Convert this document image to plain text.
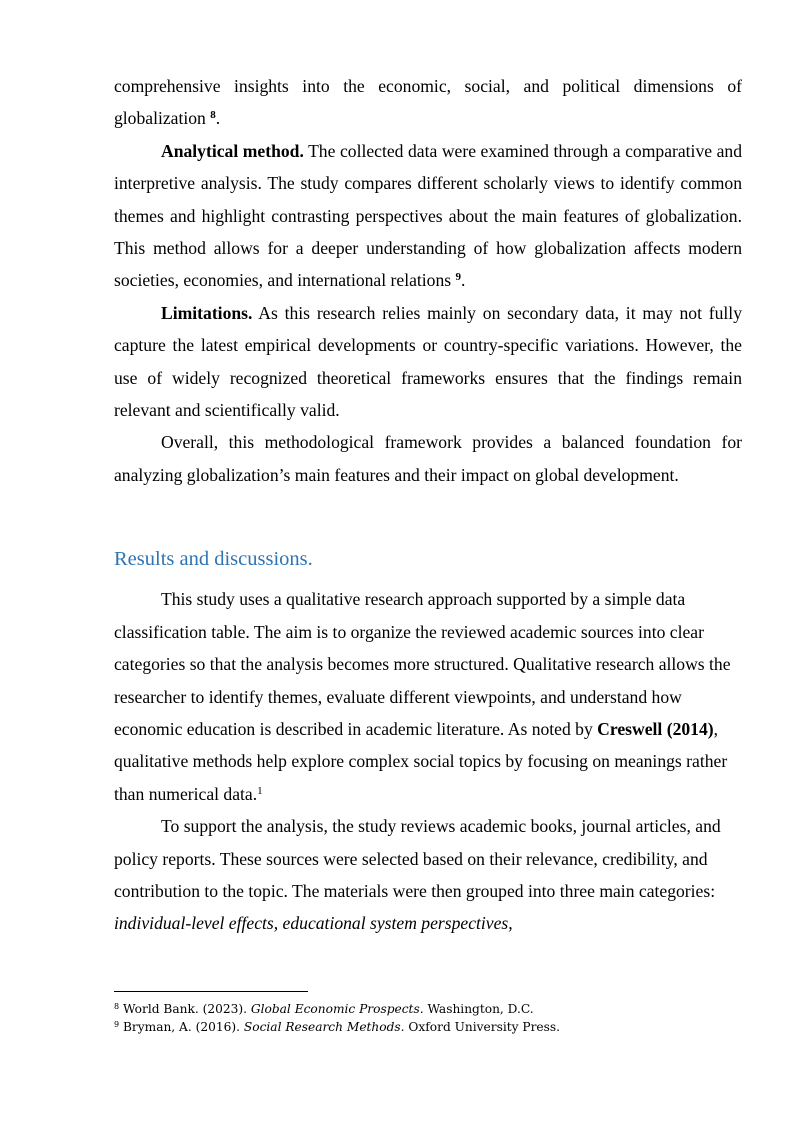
comprehensive insights into the economic, social, and political dimensions of globalization $^8$.

Analytical method. The collected data were examined through a comparative and interpretive analysis. The study compares different scholarly views to identify common themes and highlight contrasting perspectives about the main features of globalization. This method allows for a deeper understanding of how globalization affects modern societies, economies, and international relations $^9$.

Limitations. As this research relies mainly on secondary data, it may not fully capture the latest empirical developments or country-specific variations. However, the use of widely recognized theoretical frameworks ensures that the findings remain relevant and scientifically valid.

Overall, this methodological framework provides a balanced foundation for analyzing globalization’s main features and their impact on global development.

Results and discussions.

This study uses a qualitative research approach supported by a simple data classification table. The aim is to organize the reviewed academic sources into clear categories so that the analysis becomes more structured. Qualitative research allows the researcher to identify themes, evaluate different viewpoints, and understand how economic education is described in academic literature. As noted by Creswell (2014), qualitative methods help explore complex social topics by focusing on meanings rather than numerical data.$^1$

To support the analysis, the study reviews academic books, journal articles, and policy reports. These sources were selected based on their relevance, credibility, and contribution to the topic. The materials were then grouped into three main categories: individual-level effects, educational system perspectives,

$^8$ World Bank. (2023). Global Economic Prospects. Washington, D.C.
$^9$ Bryman, A. (2016). Social Research Methods. Oxford University Press.
